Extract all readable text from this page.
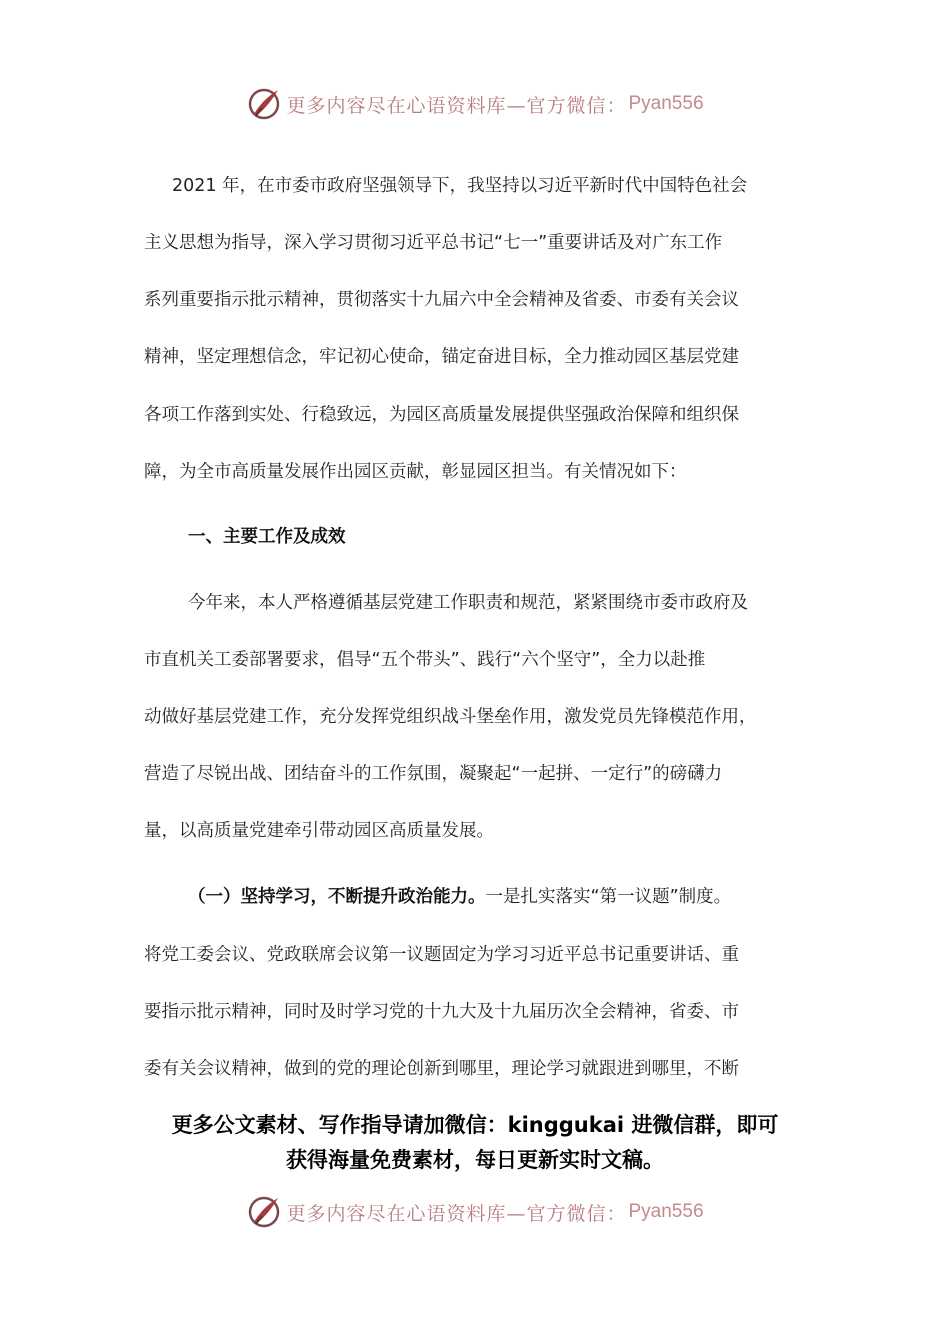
更多内容尽在心语资料库—官方微信： Pyan556
2021 年，在市委市政府坚强领导下，我坚持以习近平新时代中国特色社会
主义思想为指导，深入学习贯彻习近平总书记“七一”重要讲话及对广东工作
系列重要指示批示精神，贯彻落实十九届六中全会精神及省委、市委有关会议
精神，坚定理想信念，牢记初心使命，锚定奋进目标，全力推动园区基层党建
各项工作落到实处、行稳致远，为园区高质量发展提供坚强政治保障和组织保
障，为全市高质量发展作出园区贡献，彰显园区担当。有关情况如下：
一、主要工作及成效
今年来，本人严格遵循基层党建工作职责和规范，紧紧围绕市委市政府及
市直机关工委部署要求，倡导“五个带头”、践行“六个坚守”，全力以赴推
动做好基层党建工作，充分发挥党组织战斗堡垒作用，激发党员先锋模范作用，
营造了尽锐出战、团结奋斗的工作氛围，凝聚起“一起拼、一定行”的磅礴力
量，以高质量党建牵引带动园区高质量发展。
（一）坚持学习，不断提升政治能力。一是扎实落实“第一议题”制度。
将党工委会议、党政联席会议第一议题固定为学习习近平总书记重要讲话、重
要指示批示精神，同时及时学习党的十九大及十九届历次全会精神，省委、市
委有关会议精神，做到的党的理论创新到哪里，理论学习就跟进到哪里，不断
更多公文素材、写作指导请加微信：kinggukai 进微信群，即可
获得海量免费素材，每日更新实时文稿。
更多内容尽在心语资料库—官方微信： Pyan556
